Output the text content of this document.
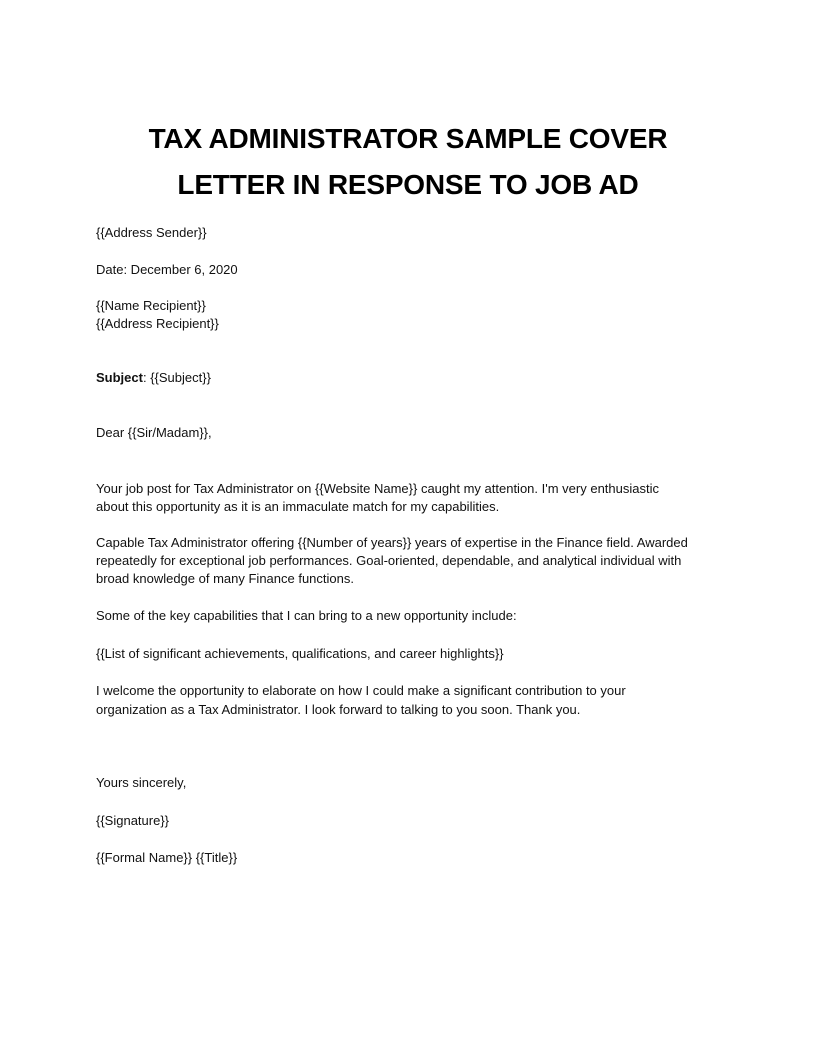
TAX ADMINISTRATOR SAMPLE COVER
LETTER IN RESPONSE TO JOB AD
{{Address Sender}}
Date: December 6, 2020
{{Name Recipient}}
{{Address Recipient}}
Subject: {{Subject}}
Dear {{Sir/Madam}},
Your job post for Tax Administrator on {{Website Name}} caught my attention. I'm very enthusiastic
about this opportunity as it is an immaculate match for my capabilities.
Capable Tax Administrator offering {{Number of years}} years of expertise in the Finance field. Awarded
repeatedly for exceptional job performances. Goal-oriented, dependable, and analytical individual with
broad knowledge of many Finance functions.
Some of the key capabilities that I can bring to a new opportunity include:
{{List of significant achievements, qualifications, and career highlights}}
I welcome the opportunity to elaborate on how I could make a significant contribution to your
organization as a Tax Administrator. I look forward to talking to you soon. Thank you.
Yours sincerely,
{{Signature}}
{{Formal Name}} {{Title}}
